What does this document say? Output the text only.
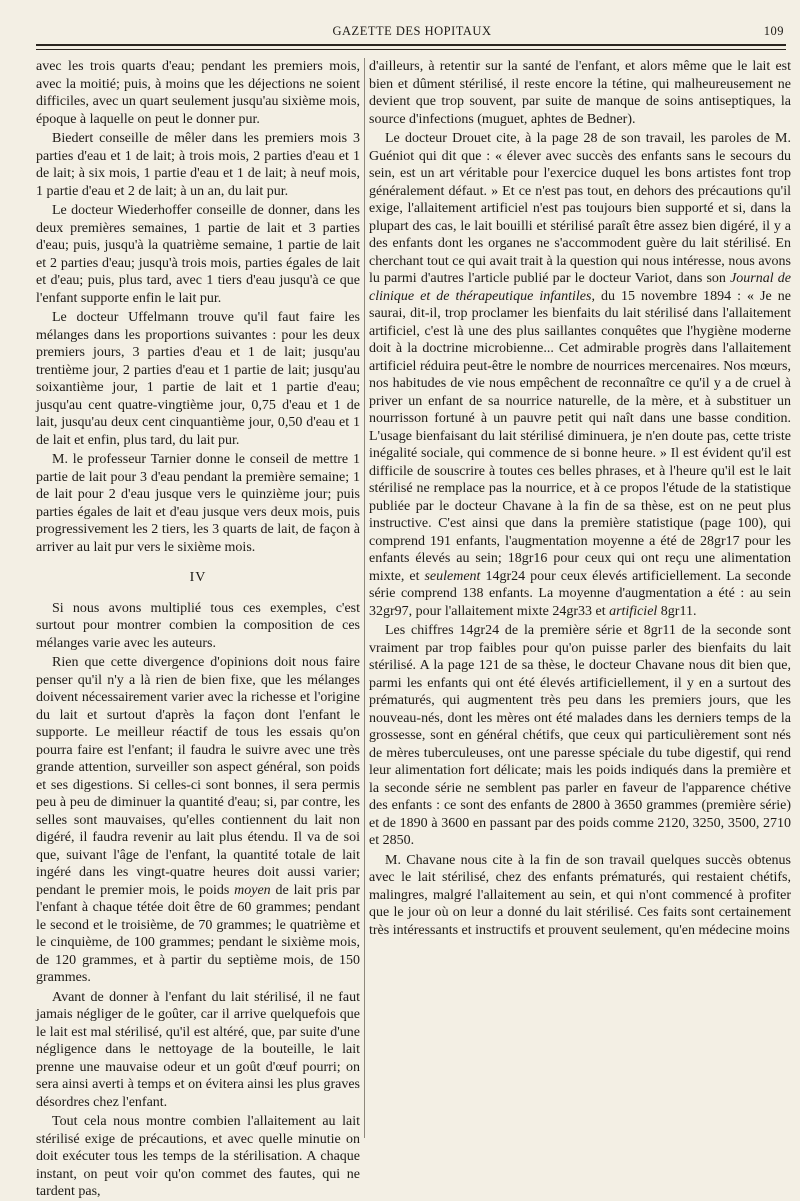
GAZETTE DES HOPITAUX	109

avec les trois quarts d'eau; pendant les premiers mois, avec la moitié; puis, à moins que les déjections ne soient difficiles, avec un quart seulement jusqu'au sixième mois, époque à laquelle on peut le donner pur.

Biedert conseille de mêler dans les premiers mois 3 parties d'eau et 1 de lait; à trois mois, 2 parties d'eau et 1 de lait; à six mois, 1 partie d'eau et 1 de lait; à neuf mois, 1 partie d'eau et 2 de lait; à un an, du lait pur.

Le docteur Wiederhoffer conseille de donner, dans les deux premières semaines, 1 partie de lait et 3 parties d'eau; puis, jusqu'à la quatrième semaine, 1 partie de lait et 2 parties d'eau; jusqu'à trois mois, parties égales de lait et d'eau; puis, plus tard, avec 1 tiers d'eau jusqu'à ce que l'enfant supporte enfin le lait pur.

Le docteur Uffelmann trouve qu'il faut faire les mélanges dans les proportions suivantes : pour les deux premiers jours, 3 parties d'eau et 1 de lait; jusqu'au trentième jour, 2 parties d'eau et 1 partie de lait; jusqu'au soixantième jour, 1 partie de lait et 1 partie d'eau; jusqu'au cent quatre-vingtième jour, 0,75 d'eau et 1 de lait, jusqu'au deux cent cinquantième jour, 0,50 d'eau et 1 de lait et enfin, plus tard, du lait pur.

M. le professeur Tarnier donne le conseil de mettre 1 partie de lait pour 3 d'eau pendant la première semaine; 1 de lait pour 2 d'eau jusque vers le quinzième jour; puis parties égales de lait et d'eau jusque vers deux mois, puis progressivement les 2 tiers, les 3 quarts de lait, de façon à arriver au lait pur vers le sixième mois.

IV

Si nous avons multiplié tous ces exemples, c'est surtout pour montrer combien la composition de ces mélanges varie avec les auteurs.

Rien que cette divergence d'opinions doit nous faire penser qu'il n'y a là rien de bien fixe, que les mélanges doivent nécessairement varier avec la richesse et l'origine du lait et surtout d'après la façon dont l'enfant le supporte. Le meilleur réactif de tous les essais qu'on pourra faire est l'enfant; il faudra le suivre avec une très grande attention, surveiller son aspect général, son poids et ses digestions. Si celles-ci sont bonnes, il sera permis peu à peu de diminuer la quantité d'eau; si, par contre, les selles sont mauvaises, qu'elles contiennent du lait non digéré, il faudra revenir au lait plus étendu. Il va de soi que, suivant l'âge de l'enfant, la quantité totale de lait ingéré dans les vingt-quatre heures doit aussi varier; pendant le premier mois, le poids moyen de lait pris par l'enfant à chaque tétée doit être de 60 grammes; pendant le second et le troisième, de 70 grammes; le quatrième et le cinquième, de 100 grammes; pendant le sixième mois, de 120 grammes, et à partir du septième mois, de 150 grammes.

Avant de donner à l'enfant du lait stérilisé, il ne faut jamais négliger de le goûter, car il arrive quelquefois que le lait est mal stérilisé, qu'il est altéré, que, par suite d'une négligence dans le nettoyage de la bouteille, le lait prenne une mauvaise odeur et un goût d'œuf pourri; on sera ainsi averti à temps et on évitera ainsi les plus graves désordres chez l'enfant.

Tout cela nous montre combien l'allaitement au lait stérilisé exige de précautions, et avec quelle minutie on doit exécuter tous les temps de la stérilisation. A chaque instant, on peut voir qu'on commet des fautes, qui ne tardent pas,

d'ailleurs, à retentir sur la santé de l'enfant, et alors même que le lait est bien et dûment stérilisé, il reste encore la tétine, qui malheureusement ne devient que trop souvent, par suite de manque de soins antiseptiques, la source d'infections (muguet, aphtes de Bedner).

Le docteur Drouet cite, à la page 28 de son travail, les paroles de M. Guéniot qui dit que : « élever avec succès des enfants sans le secours du sein, est un art véritable pour l'exercice duquel les bons artistes font trop généralement défaut. » Et ce n'est pas tout, en dehors des précautions qu'il exige, l'allaitement artificiel n'est pas toujours bien supporté et si, dans la plupart des cas, le lait bouilli et stérilisé paraît être assez bien digéré, il y a des enfants dont les organes ne s'accommodent guère du lait stérilisé. En cherchant tout ce qui avait trait à la question qui nous intéresse, nous avons lu parmi d'autres l'article publié par le docteur Variot, dans son Journal de clinique et de thérapeutique infantiles, du 15 novembre 1894 : « Je ne saurai, dit-il, trop proclamer les bienfaits du lait stérilisé dans l'allaitement artificiel, c'est là une des plus saillantes conquêtes que l'hygiène moderne doit à la doctrine microbienne... Cet admirable progrès dans l'allaitement artificiel réduira peut-être le nombre de nourrices mercenaires. Nos mœurs, nos habitudes de vie nous empêchent de reconnaître ce qu'il y a de cruel à priver un enfant de sa nourrice naturelle, de la mère, et à substituer un nourrisson fortuné à un pauvre petit qui naît dans une basse condition. L'usage bienfaisant du lait stérilisé diminuera, je n'en doute pas, cette triste inégalité sociale, qui commence de si bonne heure. » Il est évident qu'il est difficile de souscrire à toutes ces belles phrases, et à l'heure qu'il est le lait stérilisé ne remplace pas la nourrice, et à ce propos l'étude de la statistique publiée par le docteur Chavane à la fin de sa thèse, est on ne peut plus instructive. C'est ainsi que dans la première statistique (page 100), qui comprend 191 enfants, l'augmentation moyenne a été de 28gr17 pour les enfants élevés au sein; 18gr16 pour ceux qui ont reçu une alimentation mixte, et seulement 14gr24 pour ceux élevés artificiellement. La seconde série comprend 138 enfants. La moyenne d'augmentation a été : au sein 32gr97, pour l'allaitement mixte 24gr33 et artificiel 8gr11.

Les chiffres 14gr24 de la première série et 8gr11 de la seconde sont vraiment par trop faibles pour qu'on puisse parler des bienfaits du lait stérilisé. A la page 121 de sa thèse, le docteur Chavane nous dit bien que, parmi les enfants qui ont été élevés artificiellement, il y en a surtout des prématurés, qui augmentent très peu dans les premiers jours, que les nouveau-nés, dont les mères ont été malades dans les derniers temps de la grossesse, sont en général chétifs, que ceux qui particulièrement sont nés de mères tuberculeuses, ont une paresse spéciale du tube digestif, qui rend leur alimentation fort délicate; mais les poids indiqués dans la première et la seconde série ne semblent pas parler en faveur de l'apparence chétive des enfants : ce sont des enfants de 2800 à 3650 grammes (première série) et de 1890 à 3600 en passant par des poids comme 2120, 3250, 3500, 2710 et 2850.

M. Chavane nous cite à la fin de son travail quelques succès obtenus avec le lait stérilisé, chez des enfants prématurés, qui restaient chétifs, malingres, malgré l'allaitement au sein, et qui n'ont commencé à profiter que le jour où on leur a donné du lait stérilisé. Ces faits sont certainement très intéressants et instructifs et prouvent seulement, qu'en médecine moins
